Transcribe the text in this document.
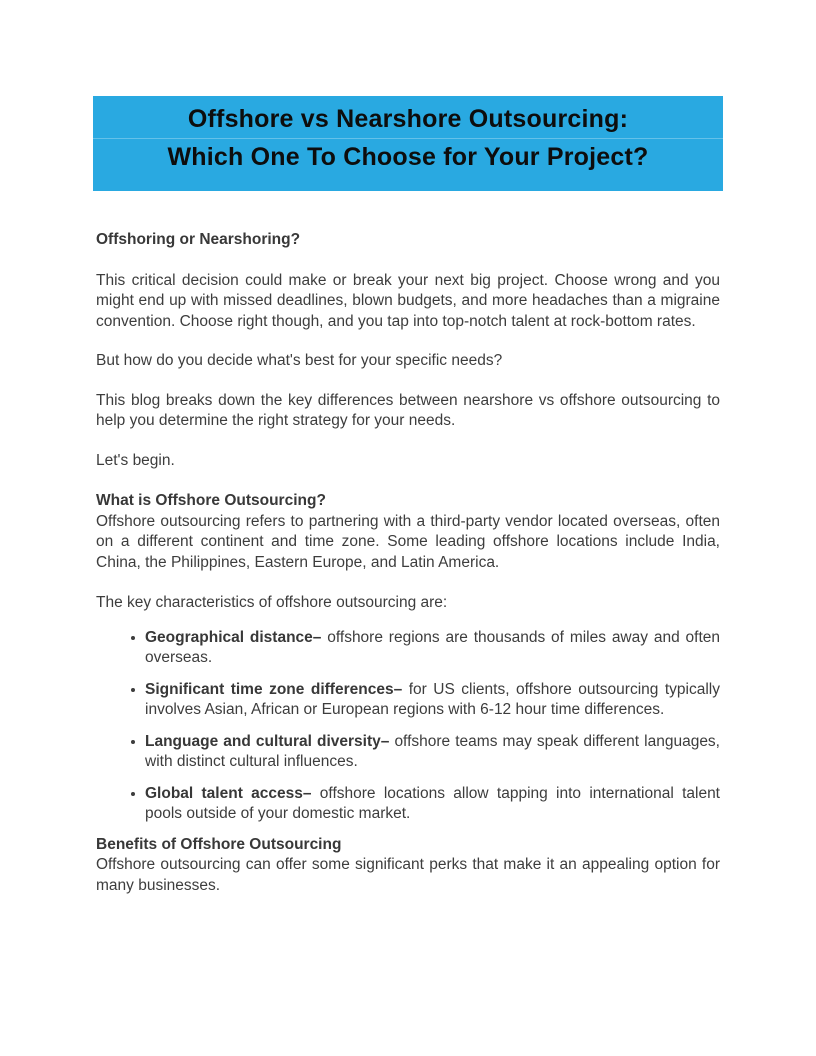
Offshore vs Nearshore Outsourcing:
Which One To Choose for Your Project?

Offshoring or Nearshoring?

This critical decision could make or break your next big project. Choose wrong and you might end up with missed deadlines, blown budgets, and more headaches than a migraine convention. Choose right though, and you tap into top-notch talent at rock-bottom rates.

But how do you decide what's best for your specific needs?

This blog breaks down the key differences between nearshore vs offshore outsourcing to help you determine the right strategy for your needs.

Let's begin.

What is Offshore Outsourcing?

Offshore outsourcing refers to partnering with a third-party vendor located overseas, often on a different continent and time zone. Some leading offshore locations include India, China, the Philippines, Eastern Europe, and Latin America.

The key characteristics of offshore outsourcing are:

Geographical distance– offshore regions are thousands of miles away and often overseas.
Significant time zone differences– for US clients, offshore outsourcing typically involves Asian, African or European regions with 6-12 hour time differences.
Language and cultural diversity– offshore teams may speak different languages, with distinct cultural influences.
Global talent access– offshore locations allow tapping into international talent pools outside of your domestic market.

Benefits of Offshore Outsourcing

Offshore outsourcing can offer some significant perks that make it an appealing option for many businesses.
